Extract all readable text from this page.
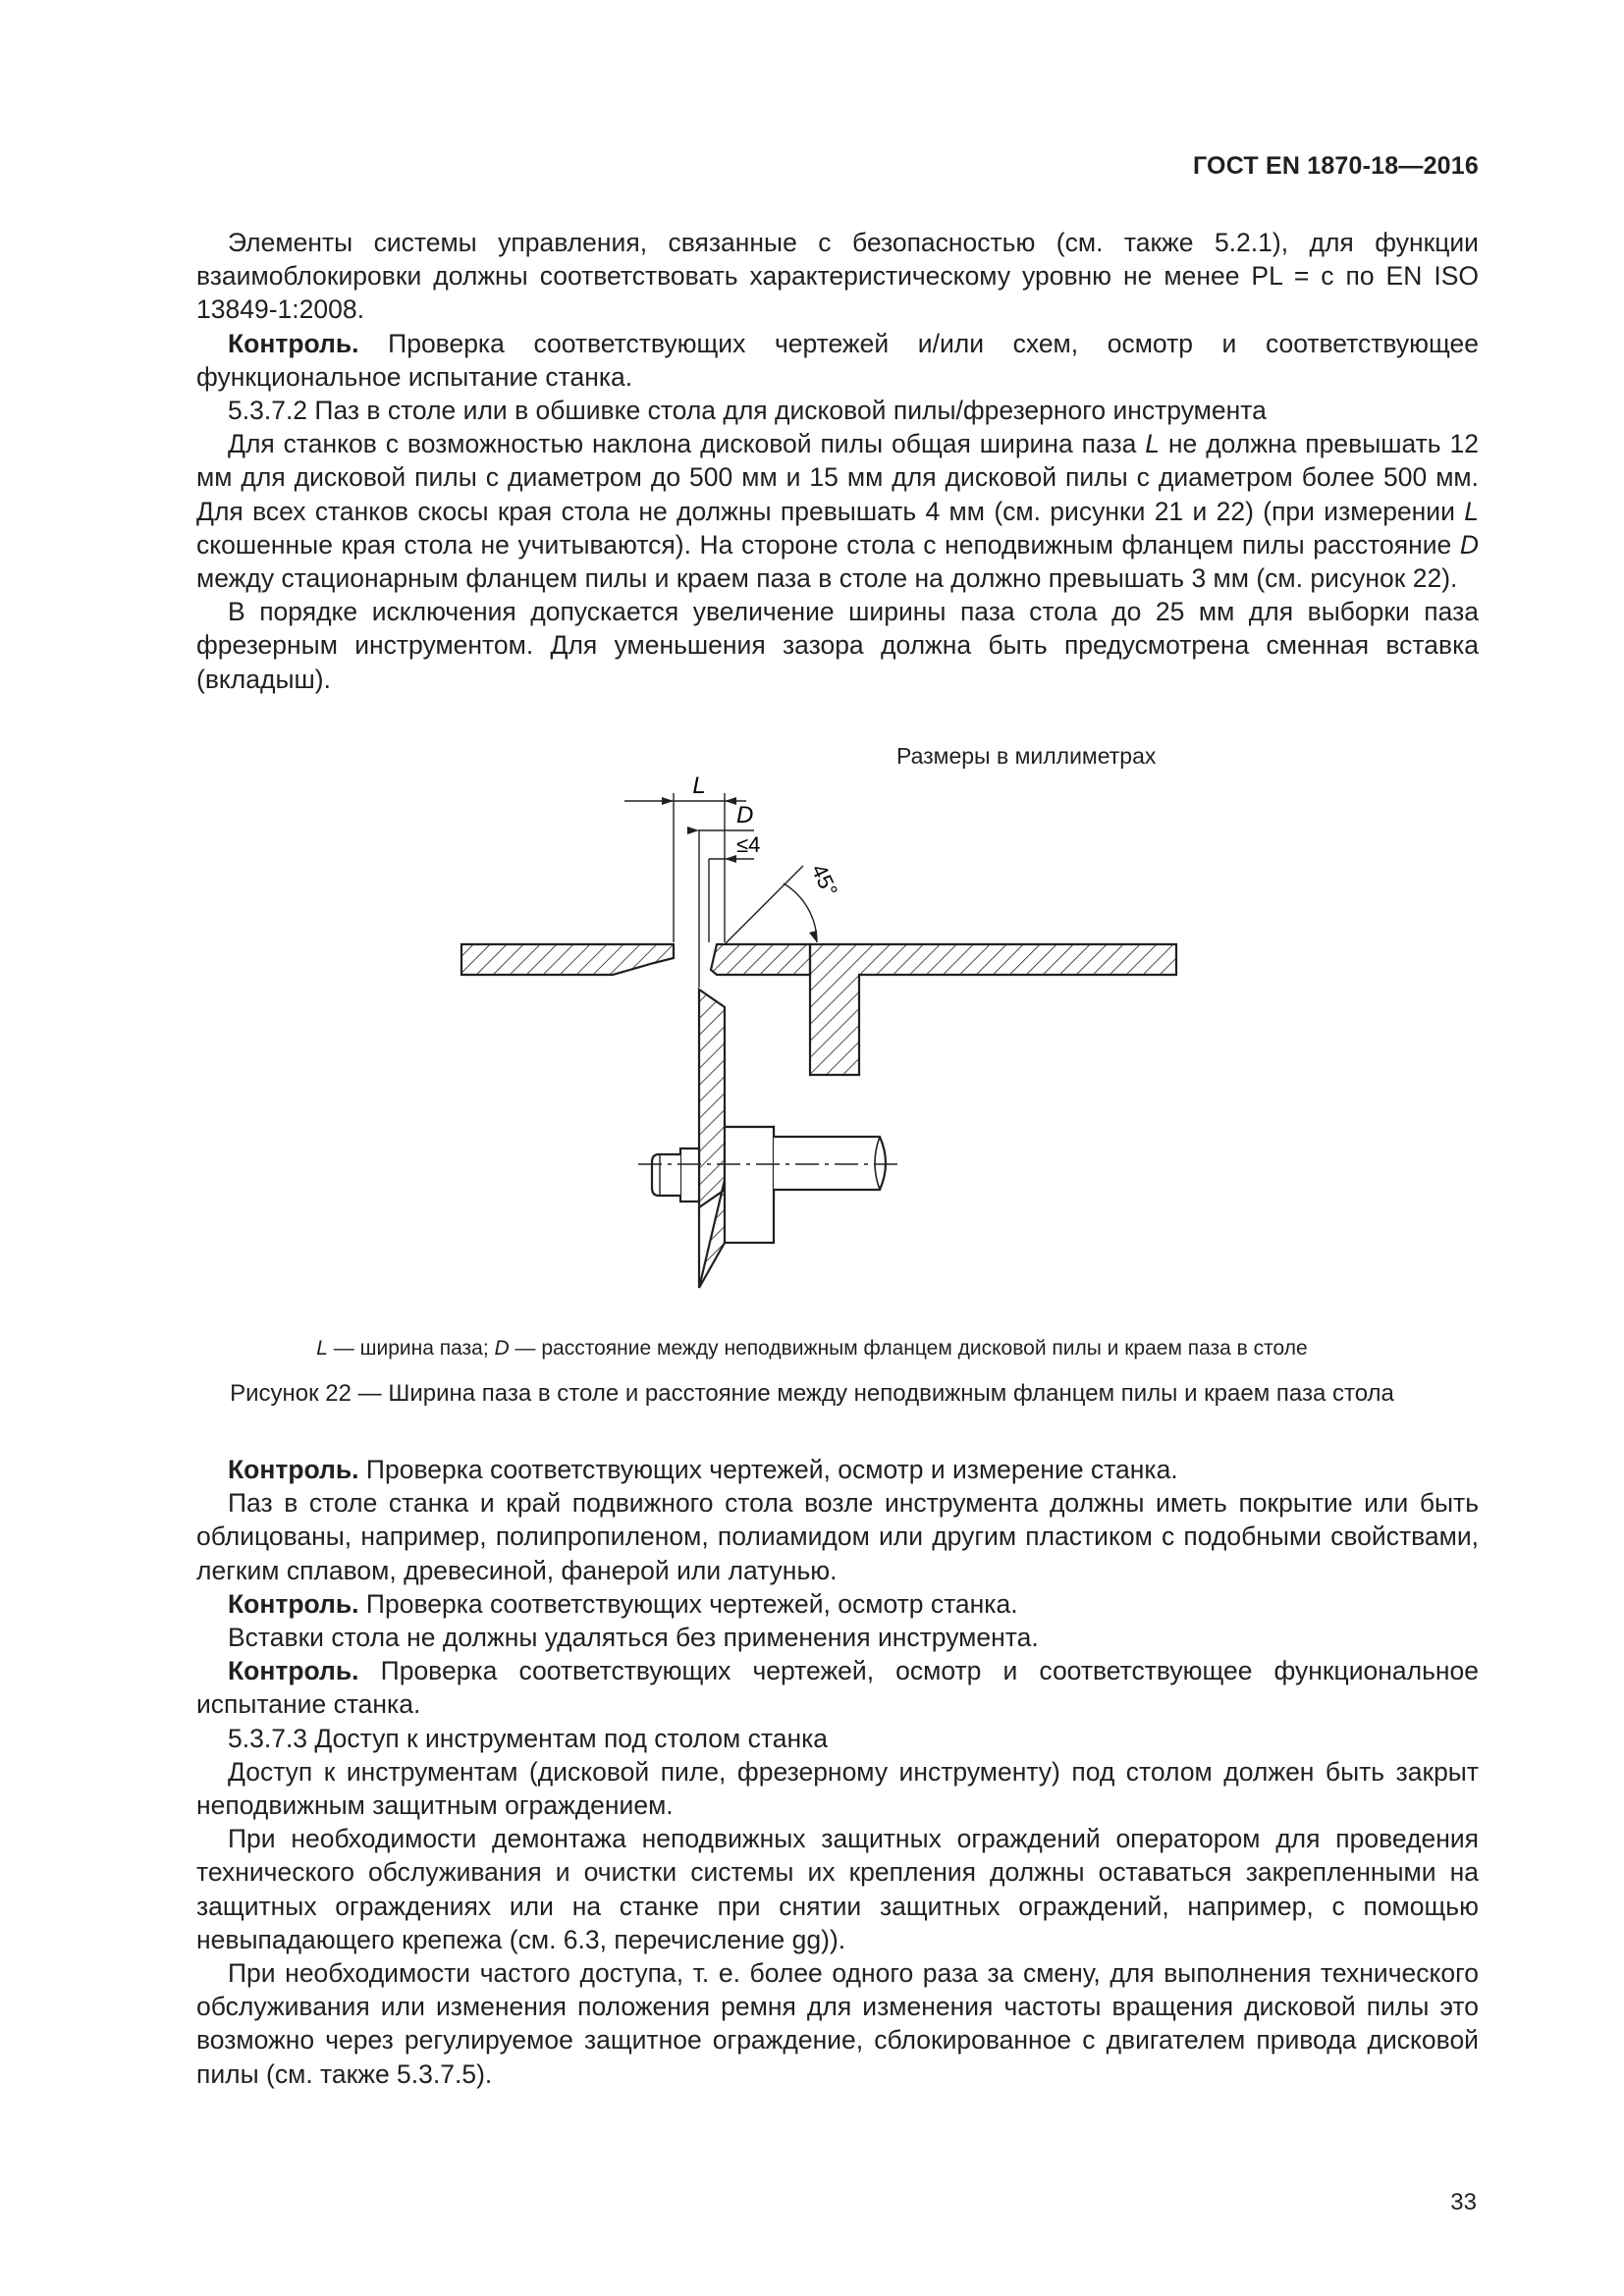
ГОСТ EN 1870-18—2016

Элементы системы управления, связанные с безопасностью (см. также 5.2.1), для функции взаимоблокировки должны соответствовать характеристическому уровню не менее PL = c по EN ISO 13849-1:2008.

Контроль. Проверка соответствующих чертежей и/или схем, осмотр и соответствующее функциональное испытание станка.

5.3.7.2 Паз в столе или в обшивке стола для дисковой пилы/фрезерного инструмента

Для станков с возможностью наклона дисковой пилы общая ширина паза L не должна превышать 12 мм для дисковой пилы с диаметром до 500 мм и 15 мм для дисковой пилы с диаметром более 500 мм. Для всех станков скосы края стола не должны превышать 4 мм (см. рисунки 21 и 22) (при измерении L скошенные края стола не учитываются). На стороне стола с неподвижным фланцем пилы расстояние D между стационарным фланцем пилы и краем паза в столе на должно превышать 3 мм (см. рисунок 22).

В порядке исключения допускается увеличение ширины паза стола до 25 мм для выборки паза фрезерным инструментом. Для уменьшения зазора должна быть предусмотрена сменная вставка (вкладыш).

Размеры в миллиметрах
L
D
≤4
45°
L — ширина паза; D — расстояние между неподвижным фланцем дисковой пилы и краем паза в столе
Рисунок 22 — Ширина паза в столе и расстояние между неподвижным фланцем пилы и краем паза стола

Контроль. Проверка соответствующих чертежей, осмотр и измерение станка.

Паз в столе станка и край подвижного стола возле инструмента должны иметь покрытие или быть облицованы, например, полипропиленом, полиамидом или другим пластиком с подобными свойствами, легким сплавом, древесиной, фанерой или латунью.

Контроль. Проверка соответствующих чертежей, осмотр станка.

Вставки стола не должны удаляться без применения инструмента.

Контроль. Проверка соответствующих чертежей, осмотр и соответствующее функциональное испытание станка.

5.3.7.3 Доступ к инструментам под столом станка

Доступ к инструментам (дисковой пиле, фрезерному инструменту) под столом должен быть закрыт неподвижным защитным ограждением.

При необходимости демонтажа неподвижных защитных ограждений оператором для проведения технического обслуживания и очистки системы их крепления должны оставаться закрепленными на защитных ограждениях или на станке при снятии защитных ограждений, например, с помощью невыпадающего крепежа (см. 6.3, перечисление gg)).

При необходимости частого доступа, т. е. более одного раза за смену, для выполнения технического обслуживания или изменения положения ремня для изменения частоты вращения дисковой пилы это возможно через регулируемое защитное ограждение, сблокированное с двигателем привода дисковой пилы (см. также 5.3.7.5).

33
